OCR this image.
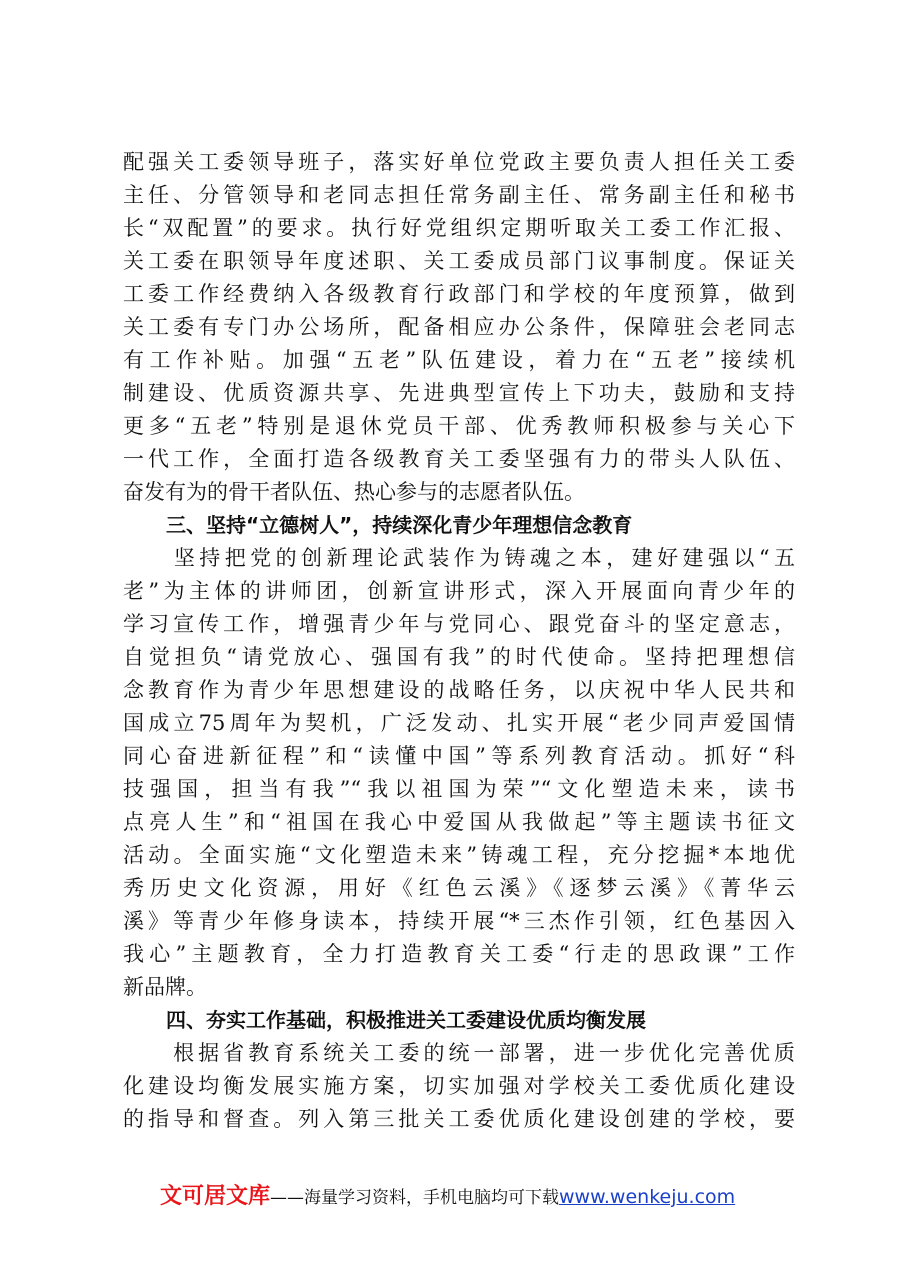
配强关工委领导班子，落实好单位党政主要负责人担任关工委
主任、分管领导和老同志担任常务副主任、常务副主任和秘书
长“双配置”的要求。执行好党组织定期听取关工委工作汇报、
关工委在职领导年度述职、关工委成员部门议事制度。保证关
工委工作经费纳入各级教育行政部门和学校的年度预算，做到
关工委有专门办公场所，配备相应办公条件，保障驻会老同志
有工作补贴。加强“五老”队伍建设，着力在“五老”接续机
制建设、优质资源共享、先进典型宣传上下功夫，鼓励和支持
更多“五老”特别是退休党员干部、优秀教师积极参与关心下
一代工作，全面打造各级教育关工委坚强有力的带头人队伍、
奋发有为的骨干者队伍、热心参与的志愿者队伍。
三、坚持“立德树人”，持续深化青少年理想信念教育
　　坚持把党的创新理论武装作为铸魂之本，建好建强以“五
老”为主体的讲师团，创新宣讲形式，深入开展面向青少年的
学习宣传工作，增强青少年与党同心、跟党奋斗的坚定意志，
自觉担负“请党放心、强国有我”的时代使命。坚持把理想信
念教育作为青少年思想建设的战略任务，以庆祝中华人民共和
国成立75周年为契机，广泛发动、扎实开展“老少同声爱国情
同心奋进新征程”和“读懂中国”等系列教育活动。抓好“科
技强国，担当有我”“我以祖国为荣”“文化塑造未来，读书
点亮人生”和“祖国在我心中爱国从我做起”等主题读书征文
活动。全面实施“文化塑造未来”铸魂工程，充分挖掘*本地优
秀历史文化资源，用好《红色云溪》《逐梦云溪》《菁华云
溪》等青少年修身读本，持续开展“*三杰作引领，红色基因入
我心”主题教育，全力打造教育关工委“行走的思政课”工作
新品牌。
四、夯实工作基础，积极推进关工委建设优质均衡发展
　　根据省教育系统关工委的统一部署，进一步优化完善优质
化建设均衡发展实施方案，切实加强对学校关工委优质化建设
的指导和督查。列入第三批关工委优质化建设创建的学校，要
文可居文库——海量学习资料，手机电脑均可下载www.wenkeju.com
